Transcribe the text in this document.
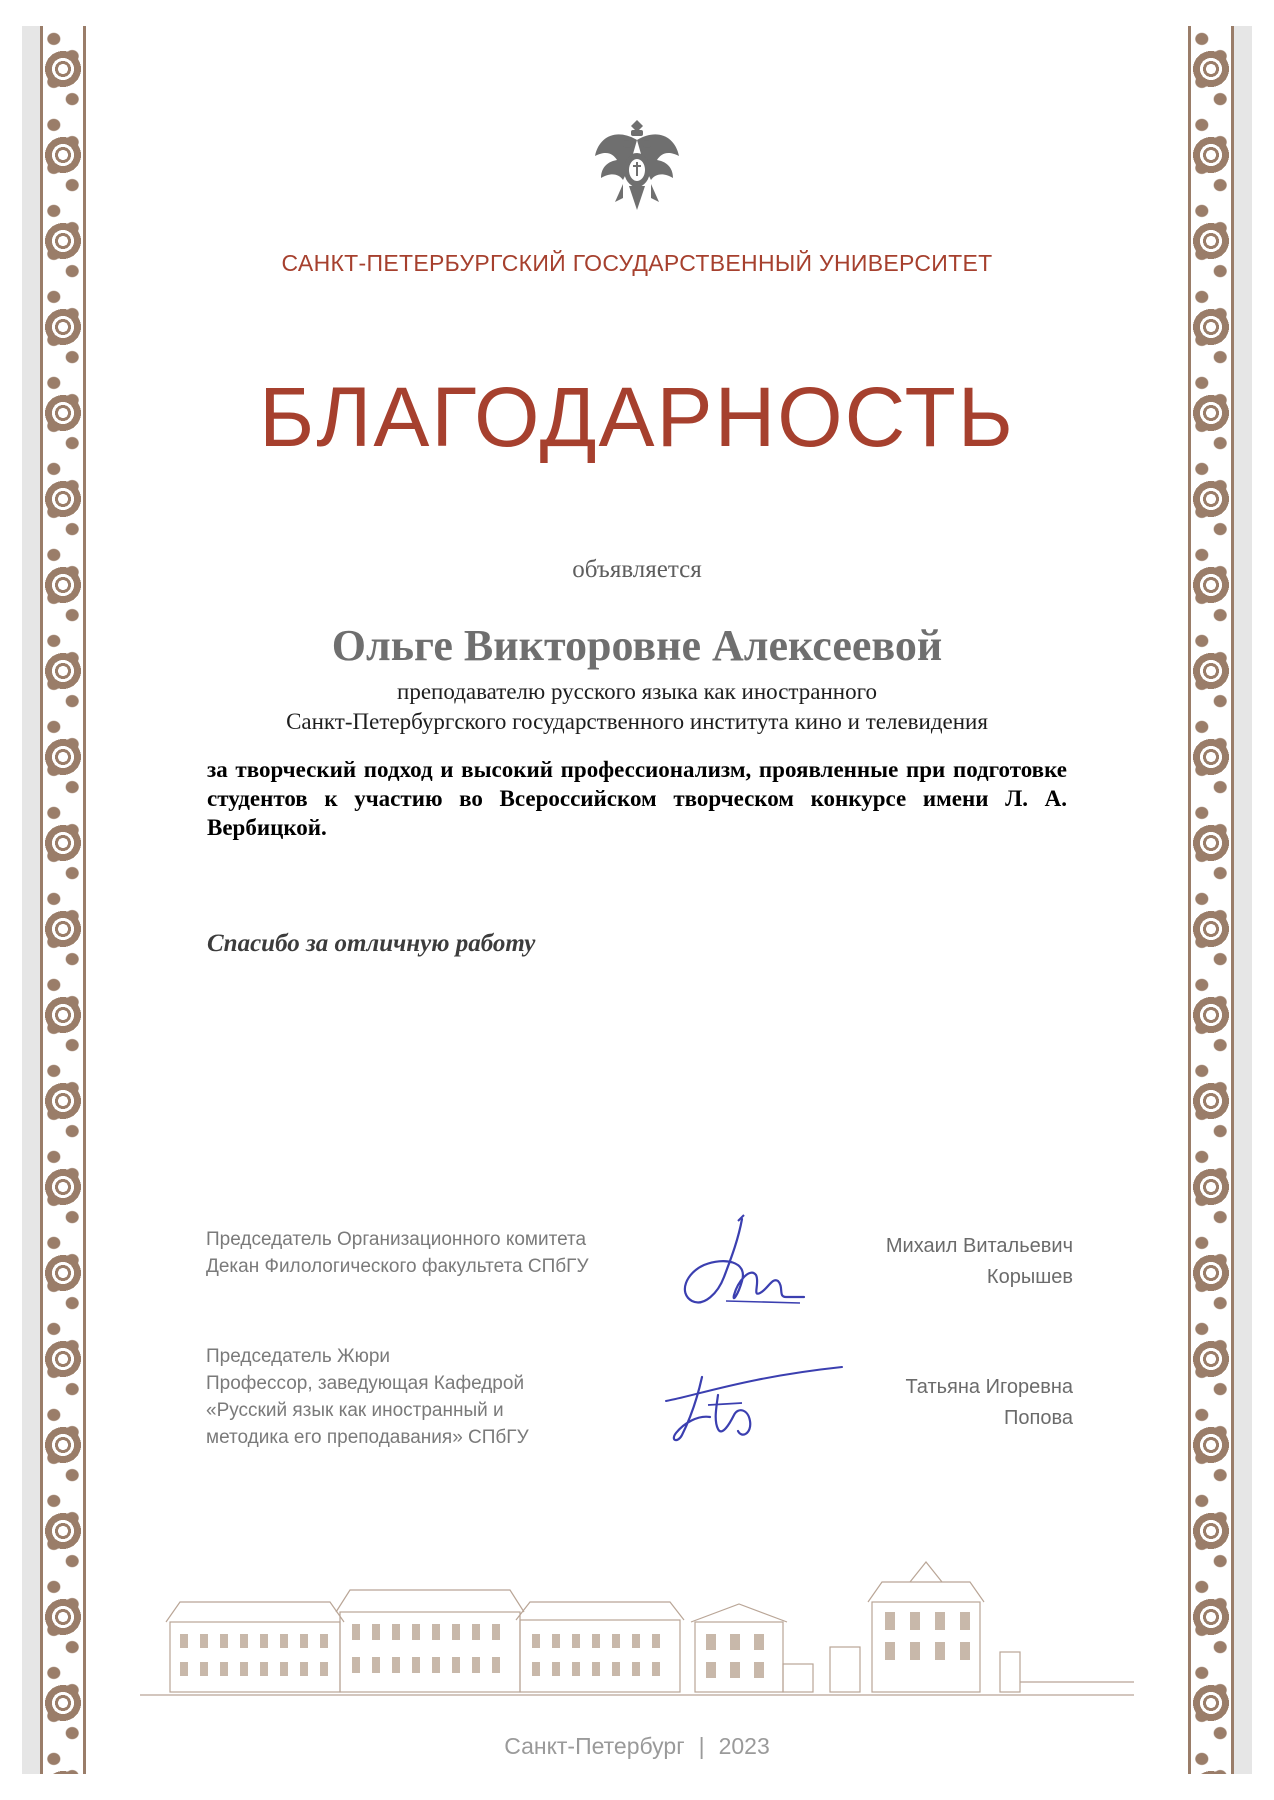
САНКТ-ПЕТЕРБУРГСКИЙ ГОСУДАРСТВЕННЫЙ УНИВЕРСИТЕТ
БЛАГОДАРНОСТЬ
объявляется
Ольге Викторовне Алексеевой
преподавателю русского языка как иностранного
Санкт-Петербургского государственного института кино и телевидения
за творческий подход и высокий профессионализм, проявленные при подготовке студентов к участию во Всероссийском творческом конкурсе имени Л. А. Вербицкой.
Спасибо за отличную работу
Председатель Организационного комитета
Декан Филологического факультета СПбГУ
Михаил Витальевич
Корышев
Председатель Жюри
Профессор, заведующая Кафедрой
«Русский язык как иностранный и
методика его преподавания» СПбГУ
Татьяна Игоревна
Попова
Санкт-Петербург | 2023
